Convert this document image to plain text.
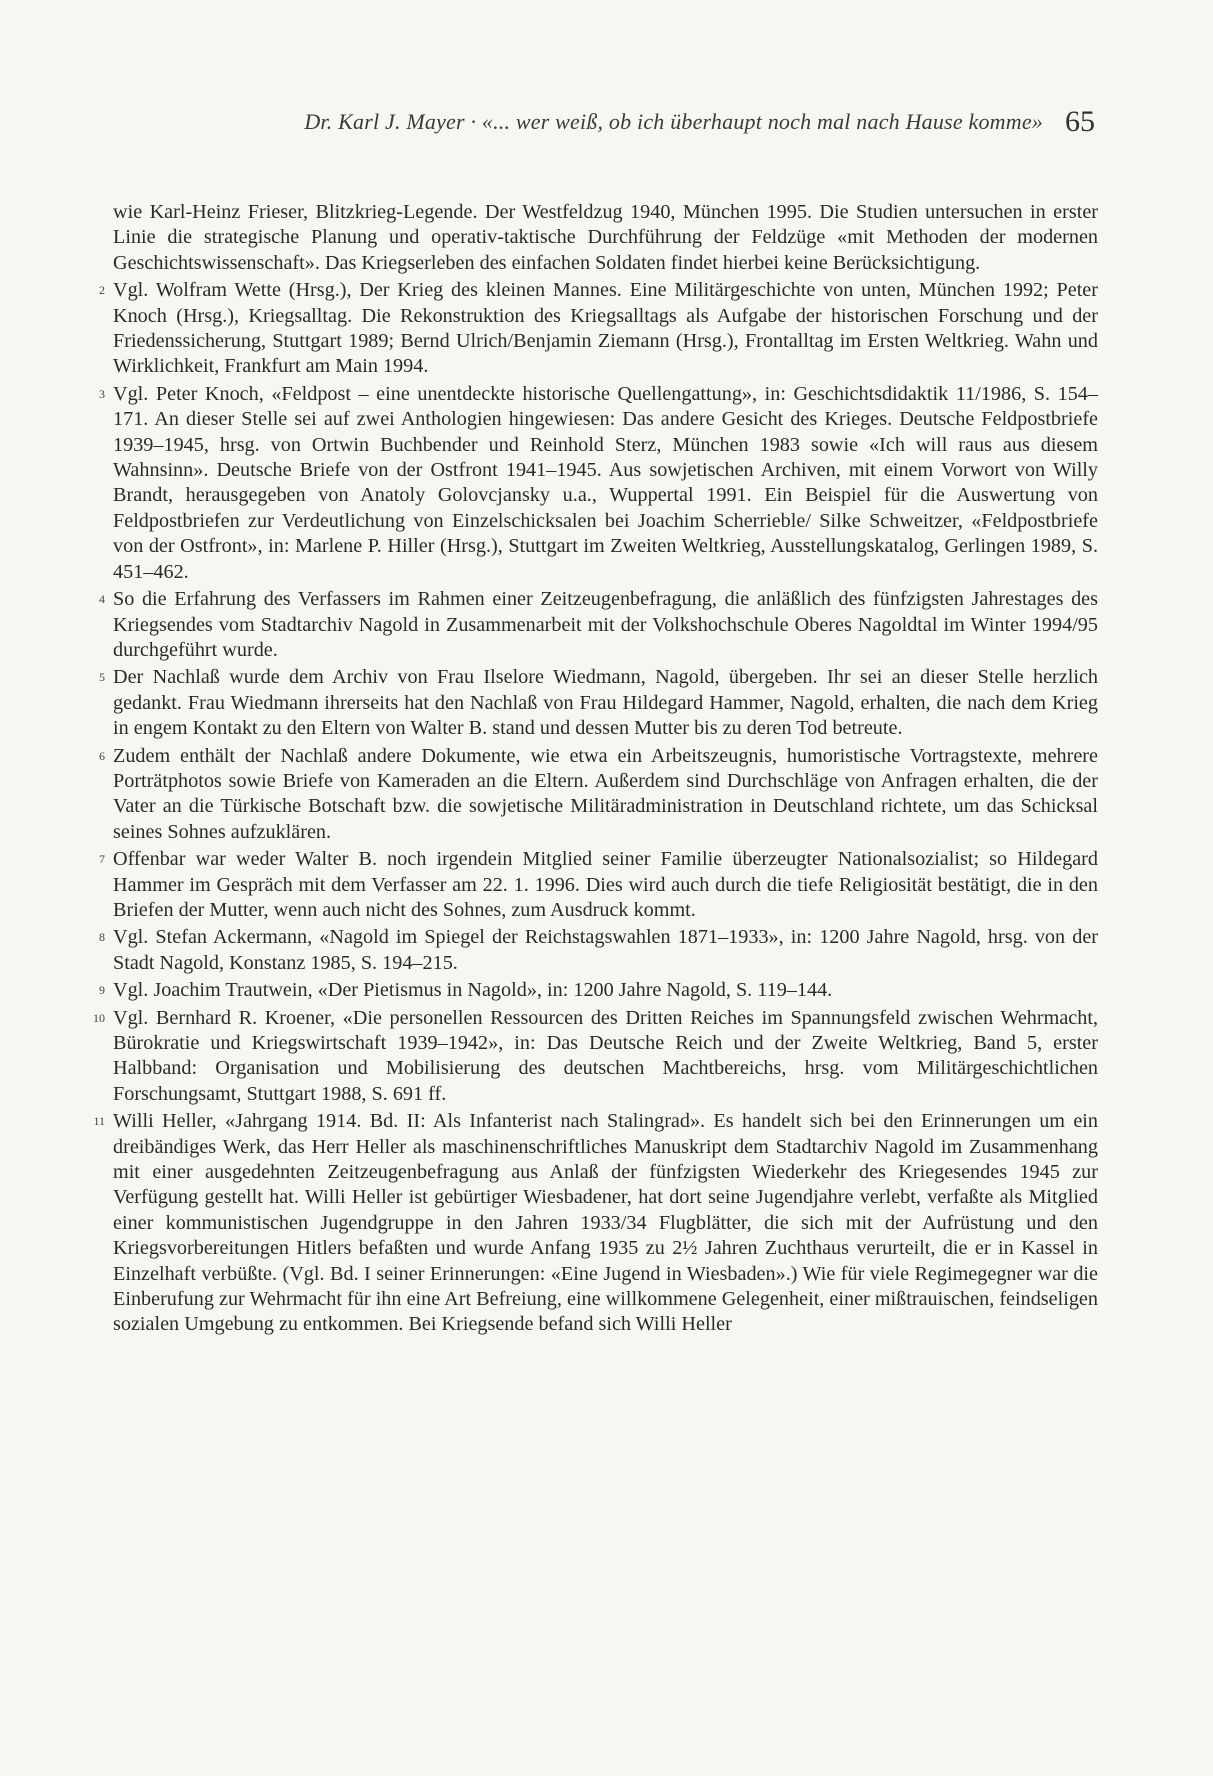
Dr. Karl J. Mayer · «... wer weiß, ob ich überhaupt noch mal nach Hause komme» 65

wie Karl-Heinz Frieser, Blitzkrieg-Legende. Der Westfeldzug 1940, München 1995. Die Studien untersuchen in erster Linie die strategische Planung und operativ-taktische Durchführung der Feldzüge «mit Methoden der modernen Geschichtswissenschaft». Das Kriegserleben des einfachen Soldaten findet hierbei keine Berücksichtigung.

2 Vgl. Wolfram Wette (Hrsg.), Der Krieg des kleinen Mannes. Eine Militärgeschichte von unten, München 1992; Peter Knoch (Hrsg.), Kriegsalltag. Die Rekonstruktion des Kriegsalltags als Aufgabe der historischen Forschung und der Friedenssicherung, Stuttgart 1989; Bernd Ulrich/Benjamin Ziemann (Hrsg.), Frontalltag im Ersten Weltkrieg. Wahn und Wirklichkeit, Frankfurt am Main 1994.

3 Vgl. Peter Knoch, «Feldpost – eine unentdeckte historische Quellengattung», in: Geschichtsdidaktik 11/1986, S. 154–171. An dieser Stelle sei auf zwei Anthologien hingewiesen: Das andere Gesicht des Krieges. Deutsche Feldpostbriefe 1939–1945, hrsg. von Ortwin Buchbender und Reinhold Sterz, München 1983 sowie «Ich will raus aus diesem Wahnsinn». Deutsche Briefe von der Ostfront 1941–1945. Aus sowjetischen Archiven, mit einem Vorwort von Willy Brandt, herausgegeben von Anatoly Golovcjansky u.a., Wuppertal 1991. Ein Beispiel für die Auswertung von Feldpostbriefen zur Verdeutlichung von Einzelschicksalen bei Joachim Scherrieble/ Silke Schweitzer, «Feldpostbriefe von der Ostfront», in: Marlene P. Hiller (Hrsg.), Stuttgart im Zweiten Weltkrieg, Ausstellungskatalog, Gerlingen 1989, S. 451–462.

4 So die Erfahrung des Verfassers im Rahmen einer Zeitzeugenbefragung, die anläßlich des fünfzigsten Jahrestages des Kriegsendes vom Stadtarchiv Nagold in Zusammenarbeit mit der Volkshochschule Oberes Nagoldtal im Winter 1994/95 durchgeführt wurde.

5 Der Nachlaß wurde dem Archiv von Frau Ilselore Wiedmann, Nagold, übergeben. Ihr sei an dieser Stelle herzlich gedankt. Frau Wiedmann ihrerseits hat den Nachlaß von Frau Hildegard Hammer, Nagold, erhalten, die nach dem Krieg in engem Kontakt zu den Eltern von Walter B. stand und dessen Mutter bis zu deren Tod betreute.

6 Zudem enthält der Nachlaß andere Dokumente, wie etwa ein Arbeitszeugnis, humoristische Vortragstexte, mehrere Porträtphotos sowie Briefe von Kameraden an die Eltern. Außerdem sind Durchschläge von Anfragen erhalten, die der Vater an die Türkische Botschaft bzw. die sowjetische Militäradministration in Deutschland richtete, um das Schicksal seines Sohnes aufzuklären.

7 Offenbar war weder Walter B. noch irgendein Mitglied seiner Familie überzeugter Nationalsozialist; so Hildegard Hammer im Gespräch mit dem Verfasser am 22. 1. 1996. Dies wird auch durch die tiefe Religiosität bestätigt, die in den Briefen der Mutter, wenn auch nicht des Sohnes, zum Ausdruck kommt.

8 Vgl. Stefan Ackermann, «Nagold im Spiegel der Reichstagswahlen 1871–1933», in: 1200 Jahre Nagold, hrsg. von der Stadt Nagold, Konstanz 1985, S. 194–215.

9 Vgl. Joachim Trautwein, «Der Pietismus in Nagold», in: 1200 Jahre Nagold, S. 119–144.

10 Vgl. Bernhard R. Kroener, «Die personellen Ressourcen des Dritten Reiches im Spannungsfeld zwischen Wehrmacht, Bürokratie und Kriegswirtschaft 1939–1942», in: Das Deutsche Reich und der Zweite Weltkrieg, Band 5, erster Halbband: Organisation und Mobilisierung des deutschen Machtbereichs, hrsg. vom Militärgeschichtlichen Forschungsamt, Stuttgart 1988, S. 691 ff.

11 Willi Heller, «Jahrgang 1914. Bd. II: Als Infanterist nach Stalingrad». Es handelt sich bei den Erinnerungen um ein dreibändiges Werk, das Herr Heller als maschinenschriftliches Manuskript dem Stadtarchiv Nagold im Zusammenhang mit einer ausgedehnten Zeitzeugenbefragung aus Anlaß der fünfzigsten Wiederkehr des Kriegesendes 1945 zur Verfügung gestellt hat. Willi Heller ist gebürtiger Wiesbadener, hat dort seine Jugendjahre verlebt, verfaßte als Mitglied einer kommunistischen Jugendgruppe in den Jahren 1933/34 Flugblätter, die sich mit der Aufrüstung und den Kriegsvorbereitungen Hitlers befaßten und wurde Anfang 1935 zu 2½ Jahren Zuchthaus verurteilt, die er in Kassel in Einzelhaft verbüßte. (Vgl. Bd. I seiner Erinnerungen: «Eine Jugend in Wiesbaden».) Wie für viele Regimegegner war die Einberufung zur Wehrmacht für ihn eine Art Befreiung, eine willkommene Gelegenheit, einer mißtrauischen, feindseligen sozialen Umgebung zu entkommen. Bei Kriegsende befand sich Willi Heller
